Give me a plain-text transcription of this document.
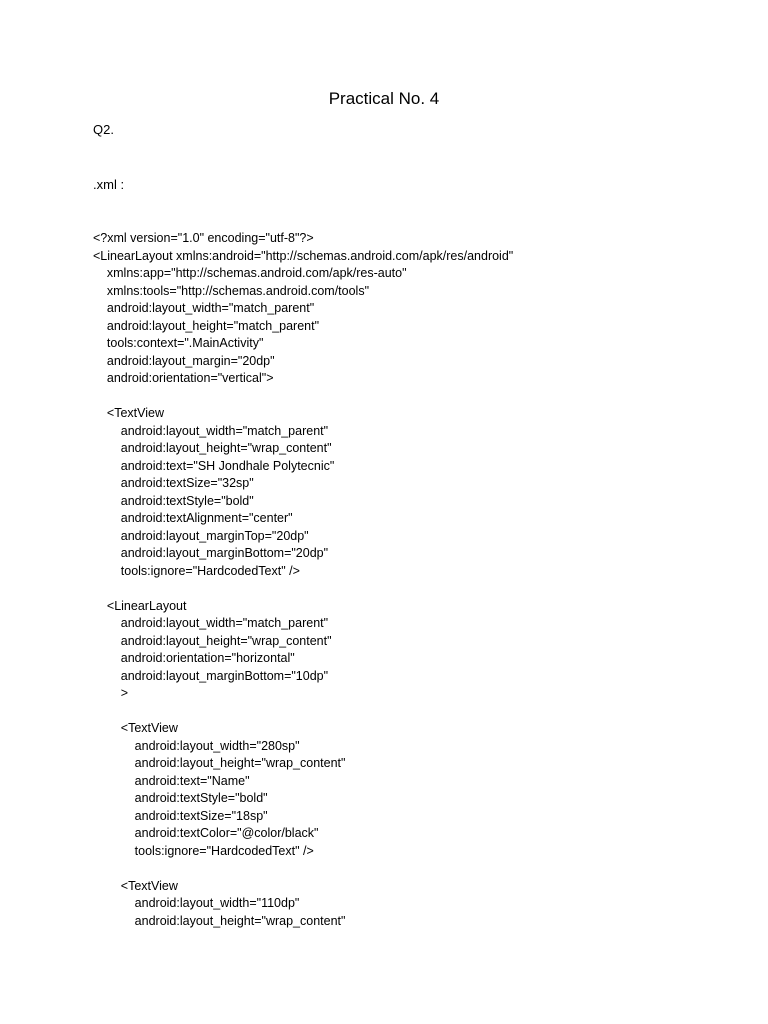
Practical No. 4
Q2.
.xml :
<?xml version="1.0" encoding="utf-8"?>
<LinearLayout xmlns:android="http://schemas.android.com/apk/res/android"
xmlns:app="http://schemas.android.com/apk/res-auto"
xmlns:tools="http://schemas.android.com/tools"
android:layout_width="match_parent"
android:layout_height="match_parent"
tools:context=".MainActivity"
android:layout_margin="20dp"
android:orientation="vertical">
<TextView
android:layout_width="match_parent"
android:layout_height="wrap_content"
android:text="SH Jondhale Polytecnic"
android:textSize="32sp"
android:textStyle="bold"
android:textAlignment="center"
android:layout_marginTop="20dp"
android:layout_marginBottom="20dp"
tools:ignore="HardcodedText" />
<LinearLayout
android:layout_width="match_parent"
android:layout_height="wrap_content"
android:orientation="horizontal"
android:layout_marginBottom="10dp"
>
<TextView
android:layout_width="280sp"
android:layout_height="wrap_content"
android:text="Name"
android:textStyle="bold"
android:textSize="18sp"
android:textColor="@color/black"
tools:ignore="HardcodedText" />
<TextView
android:layout_width="110dp"
android:layout_height="wrap_content"
